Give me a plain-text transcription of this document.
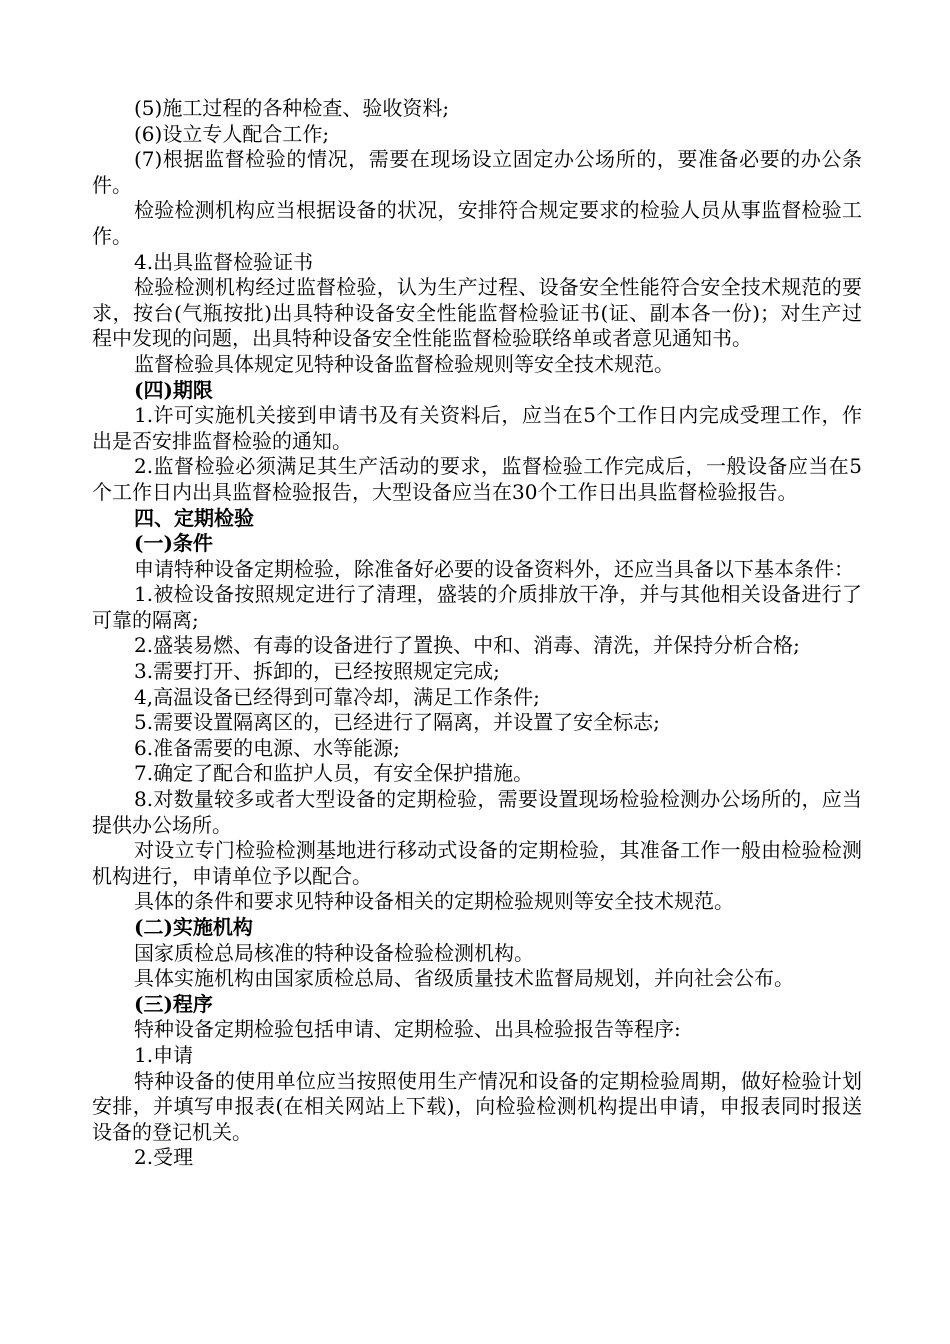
(5)施工过程的各种检查、验收资料;

(6)设立专人配合工作;

(7)根据监督检验的情况，需要在现场设立固定办公场所的，要准备必要的办公条件。

检验检测机构应当根据设备的状况，安排符合规定要求的检验人员从事监督检验工作。

4.出具监督检验证书

检验检测机构经过监督检验，认为生产过程、设备安全性能符合安全技术规范的要求，按台(气瓶按批)出具特种设备安全性能监督检验证书(证、副本各一份)；对生产过程中发现的问题，出具特种设备安全性能监督检验联络单或者意见通知书。

监督检验具体规定见特种设备监督检验规则等安全技术规范。

(四)期限

1.许可实施机关接到申请书及有关资料后，应当在5个工作日内完成受理工作，作出是否安排监督检验的通知。

2.监督检验必须满足其生产活动的要求，监督检验工作完成后，一般设备应当在5个工作日内出具监督检验报告，大型设备应当在30个工作日出具监督检验报告。

四、定期检验

(一)条件

申请特种设备定期检验，除准备好必要的设备资料外，还应当具备以下基本条件：

1.被检设备按照规定进行了清理，盛装的介质排放干净，并与其他相关设备进行了可靠的隔离;

2.盛装易燃、有毒的设备进行了置换、中和、消毒、清洗，并保持分析合格;

3.需要打开、拆卸的，已经按照规定完成;

4,高温设备已经得到可靠冷却，满足工作条件;

5.需要设置隔离区的，已经进行了隔离，并设置了安全标志;

6.准备需要的电源、水等能源;

7.确定了配合和监护人员，有安全保护措施。

8.对数量较多或者大型设备的定期检验，需要设置现场检验检测办公场所的，应当提供办公场所。

对设立专门检验检测基地进行移动式设备的定期检验，其准备工作一般由检验检测机构进行，申请单位予以配合。

具体的条件和要求见特种设备相关的定期检验规则等安全技术规范。

(二)实施机构

国家质检总局核准的特种设备检验检测机构。

具体实施机构由国家质检总局、省级质量技术监督局规划，并向社会公布。

(三)程序

特种设备定期检验包括申请、定期检验、出具检验报告等程序:

1.申请

特种设备的使用单位应当按照使用生产情况和设备的定期检验周期，做好检验计划安排，并填写申报表(在相关网站上下载)，向检验检测机构提出申请，申报表同时报送设备的登记机关。

2.受理
